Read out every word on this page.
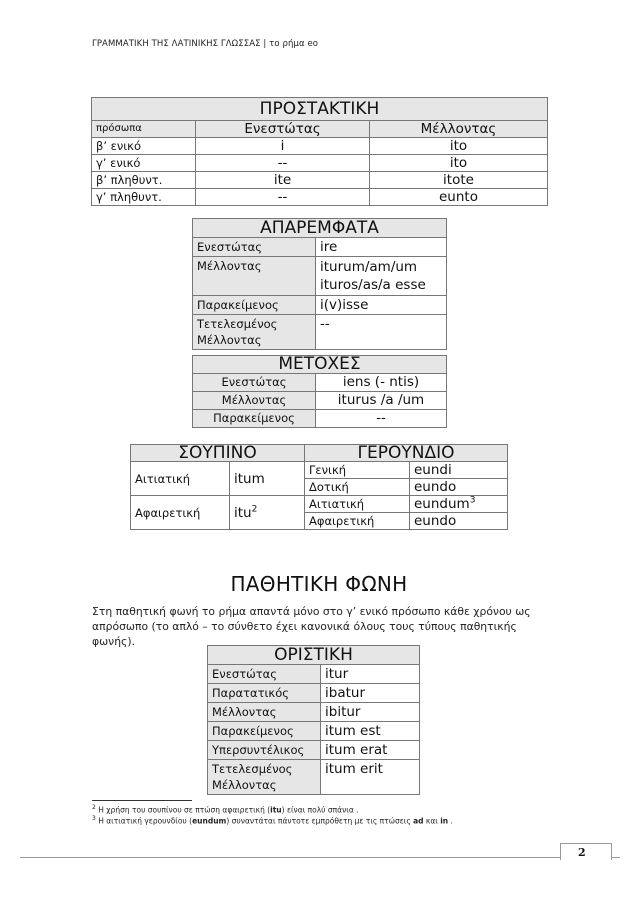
ΓΡΑΜΜΑΤΙΚΗ ΤΗΣ ΛΑΤΙΝΙΚΗΣ ΓΛΩΣΣΑΣ | το ρήμα eo
ΠΡΟΣΤΑΚΤΙΚΗ		
πρόσωπα	Ενεστώτας	Μέλλοντας
β’ ενικό	i	ito
γ’ ενικό	--	ito
β’ πληθυντ.	ite	itote
γ’ πληθυντ.	--	eunto
ΑΠΑΡΕΜΦΑΤΑ	
Ενεστώτας	ire
Μέλλοντας	iturum/am/um ituros/as/a esse
Παρακείμενος	i(v)isse
Τετελεσμένος Μέλλοντας	--
ΜΕΤΟΧΕΣ	
Ενεστώτας	iens (- ntis)
Μέλλοντας	iturus /a /um
Παρακείμενος	--
ΣΟΥΠΙΝΟ		ΓΕΡΟΥΝΔΙΟ	
Αιτιατική	itum	Γενική	eundi
		Δοτική	eundo
Αφαιρετική	itu$^2$	Αιτιατική	eundum$^3$
		Αφαιρετική	eundo
ΠΑΘΗΤΙΚΗ ΦΩΝΗ
Στη παθητική φωνή το ρήμα απαντά μόνο στο γ’ ενικό πρόσωπο κάθε χρόνου ως απρόσωπο (το απλό – το σύνθετο έχει κανονικά όλους τους τύπους παθητικής φωνής).
ΟΡΙΣΤΙΚΗ	
Ενεστώτας	itur
Παρατατικός	ibatur
Μέλλοντας	ibitur
Παρακείμενος	itum est
Υπερσυντέλικος	itum erat
Τετελεσμένος Μέλλοντας	itum erit
$^2$ Η χρήση του σουπίνου σε πτώση αφαιρετική (itu) είναι πολύ σπάνια .
$^3$ Η αιτιατική γερουνδίου (eundum) συναντάται πάντοτε εμπρόθετη με τις πτώσεις ad και in .
2
